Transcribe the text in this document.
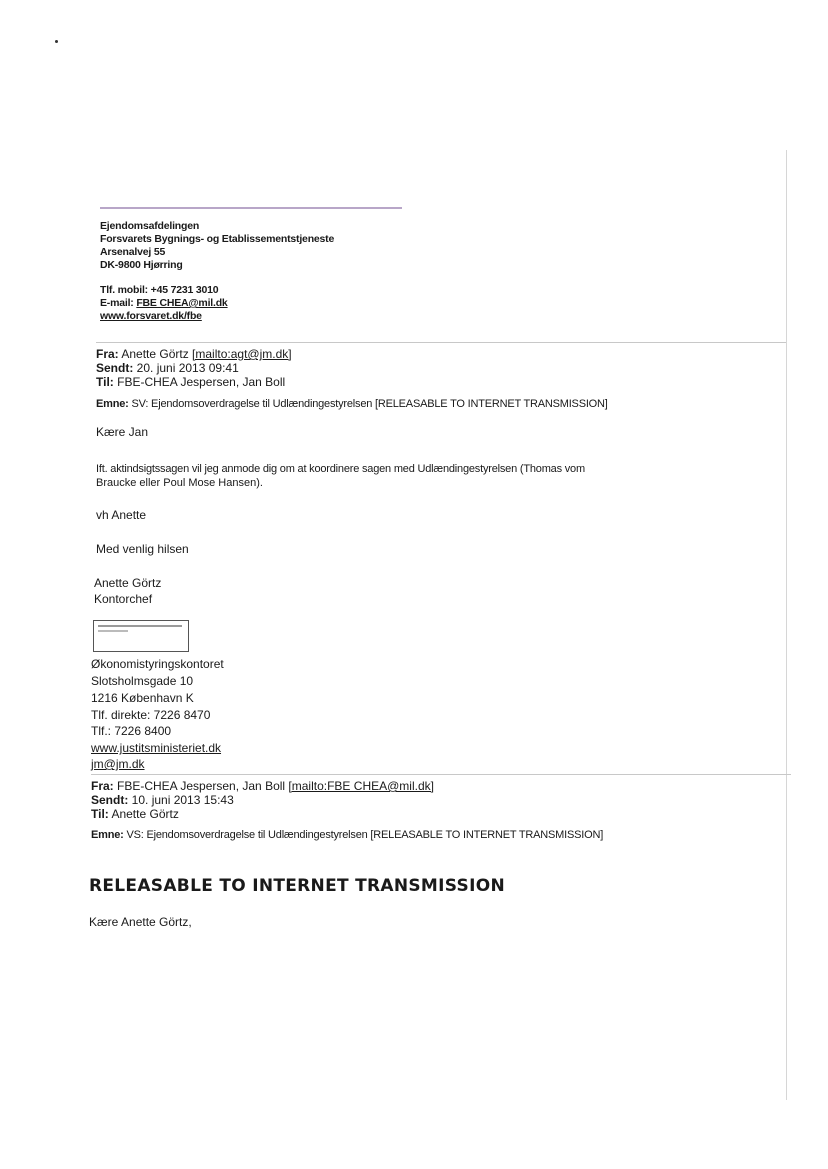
Ejendomsafdelingen
Forsvarets Bygnings- og Etablissementstjeneste
Arsenalvej 55
DK-9800 Hjørring
Tlf. mobil: +45 7231 3010
E-mail: FBE CHEA@mil.dk
www.forsvaret.dk/fbe
Fra: Anette Görtz [mailto:agt@jm.dk]
Sendt: 20. juni 2013 09:41
Til: FBE-CHEA Jespersen, Jan Boll
Emne: SV: Ejendomsoverdragelse til Udlændingestyrelsen [RELEASABLE TO INTERNET TRANSMISSION]
Kære Jan
Ift. aktindsigtssagen vil jeg anmode dig om at koordinere sagen med Udlændingestyrelsen (Thomas vom
Braucke eller Poul Mose Hansen).
vh Anette
Med venlig hilsen
Anette Görtz
Kontorchef
Økonomistyringskontoret
Slotsholmsgade 10
1216 København K
Tlf. direkte: 7226 8470
Tlf.: 7226 8400
www.justitsministeriet.dk
jm@jm.dk
Fra: FBE-CHEA Jespersen, Jan Boll [mailto:FBE CHEA@mil.dk]
Sendt: 10. juni 2013 15:43
Til: Anette Görtz
Emne: VS: Ejendomsoverdragelse til Udlændingestyrelsen [RELEASABLE TO INTERNET TRANSMISSION]
RELEASABLE TO INTERNET TRANSMISSION
Kære Anette Görtz,
